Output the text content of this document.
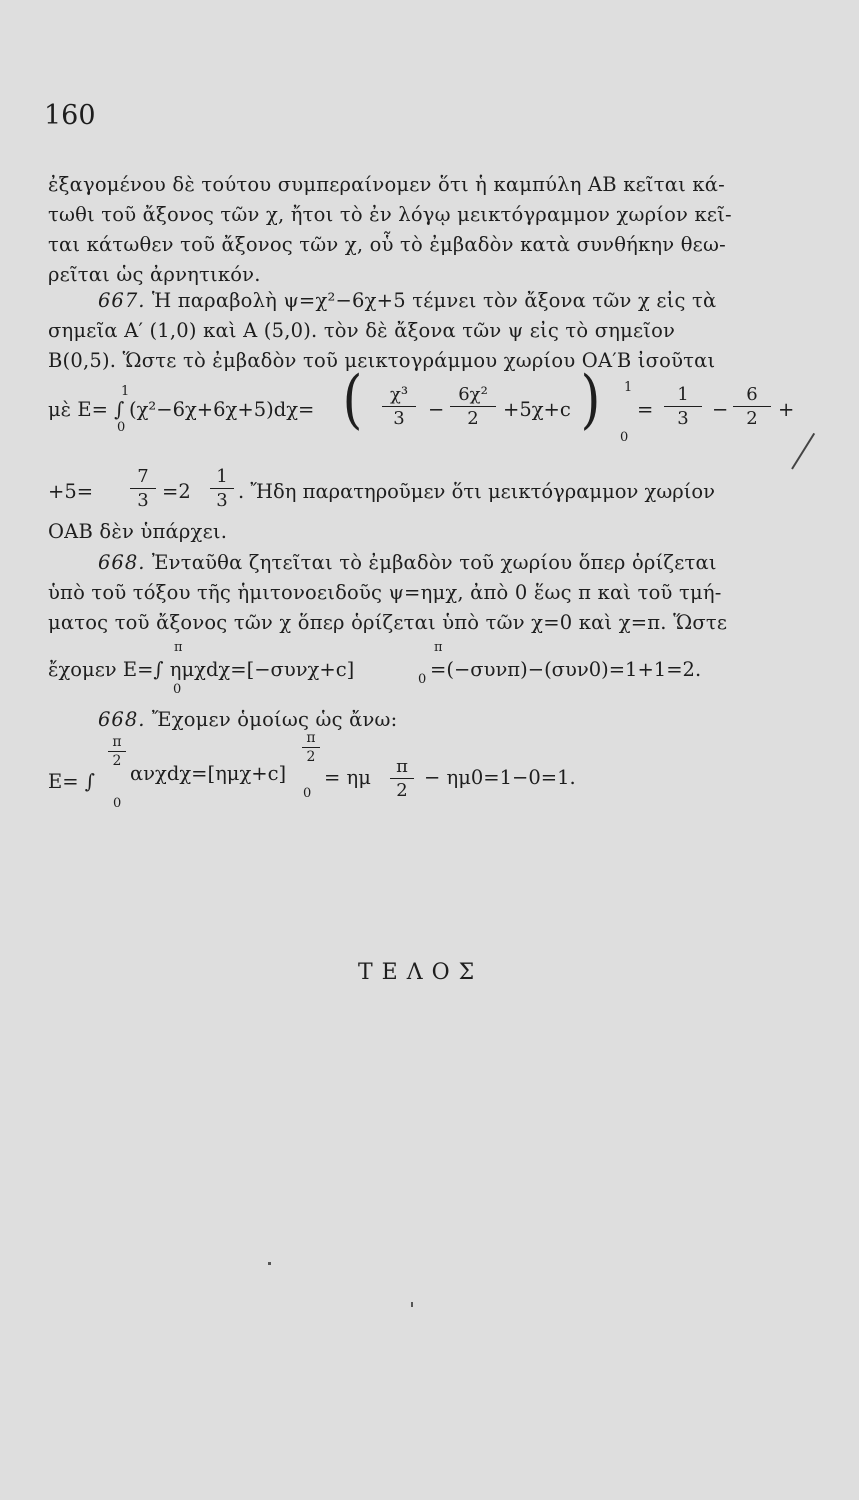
160
ἐξαγομένου δὲ τούτου συμπεραίνομεν ὅτι ἡ καμπύλη ΑΒ κεῖται κά-
τωθι τοῦ ἄξονος τῶν χ, ἤτοι τὸ ἐν λόγῳ μεικτόγραμμον χωρίον κεῖ-
ται κάτωθεν τοῦ ἄξονος τῶν χ, οὗ τὸ ἐμβαδὸν κατὰ συνθήκην θεω-
ρεῖται ὡς ἀρνητικόν.
667. Ἡ παραβολὴ ψ=χ²−6χ+5 τέμνει τὸν ἄξονα τῶν χ εἰς τὰ
σημεῖα Α′ (1,0) καὶ Α (5,0). τὸν δὲ ἄξονα τῶν ψ εἰς τὸ σημεῖον
Β(0,5). Ὥστε τὸ ἐμβαδὸν τοῦ μεικτογράμμου χωρίου ΟΑ′Β ἰσοῦται
μὲ Ε= ∫
1
0
(χ²−6χ+6χ+5)dχ= ( χ³
3 −
6χ²
2 +5χ+c ) 1
0
=
1
3 −
6
2 +
+5=
7
3 =2
1
3 . Ἤδη παρατηροῦμεν ὅτι μεικτόγραμμον χωρίον
ΟΑΒ δὲν ὑπάρχει.
668. Ἐνταῦθα ζητεῖται τὸ ἐμβαδὸν τοῦ χωρίου ὅπερ ὁρίζεται
ὑπὸ τοῦ τόξου τῆς ἡμιτονοειδοῦς ψ=ημχ, ἀπὸ 0 ἕως π καὶ τοῦ τμή-
ματος τοῦ ἄξονος τῶν χ ὅπερ ὁρίζεται ὑπὸ τῶν χ=0 καὶ χ=π. Ὥστε
π	π
ἔχομεν Ε=∫ ημχdχ=[−συνχ+c]	0 =(−συνπ)−(συν0)=1+1=2.
0
668. Ἔχομεν ὁμοίως ὡς ἄνω:
π
2
π
2
Ε= ∫ ανχdχ=[ημχ+c] = ημ π
2
− ημ0=1−0=1.
0
0
ΤΕΛΟΣ
